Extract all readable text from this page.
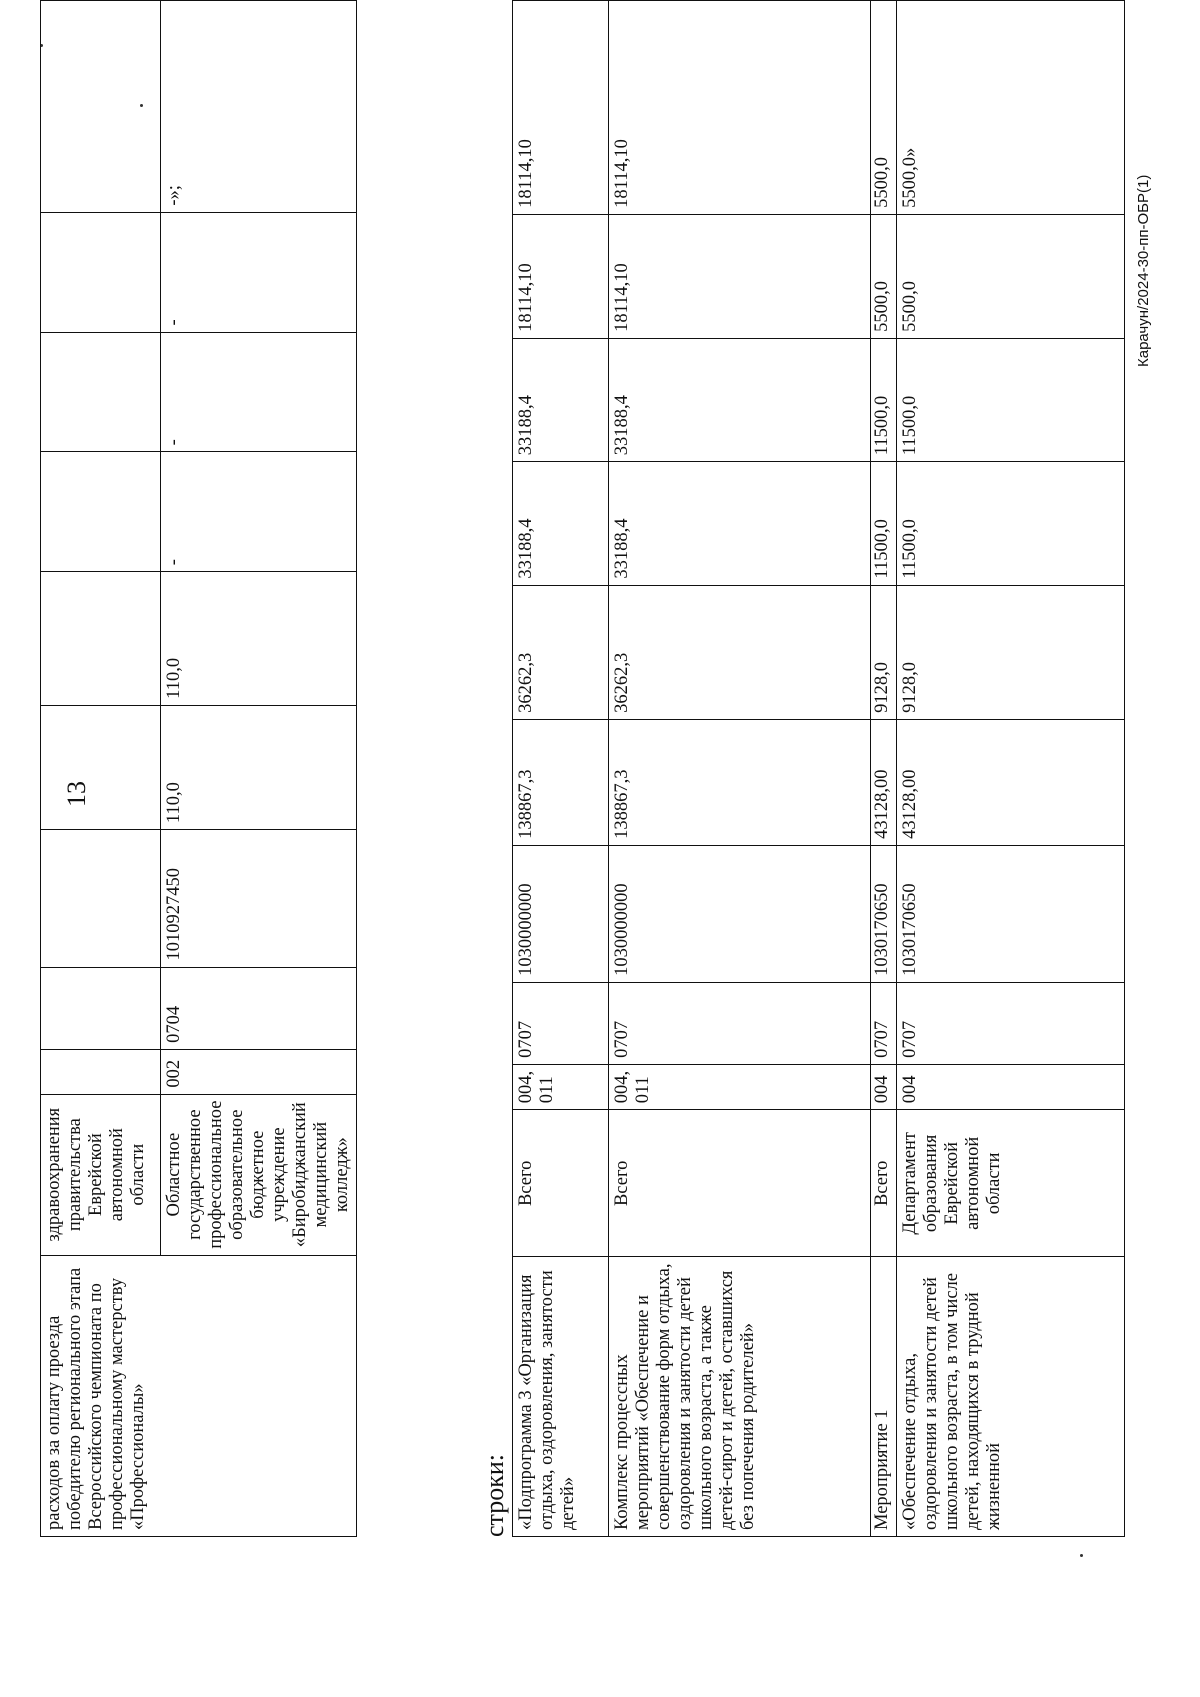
13
расходов за оплату проезда победителю регионального этапа Всероссийского чемпионата по профессиональному мастерству «Профессионалы»	здравоохранения правительства Еврейской автономной области									
	Областное государственное профессиональное образовательное бюджетное учреждение «Биробиджанский медицинский колледж»	002	0704	1010927450	110,0	110,0	-	-	-	-»;
строки: «Подпрограмма 3 «Организация отдыха, оздоровления, занятости детей»	Всего	004, 011	0707	1030000000	138867,3	36262,3	33188,4	33188,4	18114,10	18114,10
Комплекс процессных мероприятий «Обеспечение и совершенствование форм отдыха, оздоровления и занятости детей школьного возраста, а также детей-сирот и детей, оставшихся без попечения родителей»	Всего	004, 011	0707	1030000000	138867,3	36262,3	33188,4	33188,4	18114,10	18114,10
Мероприятие 1	Всего	004	0707	1030170650	43128,00	9128,0	11500,0	11500,0	5500,0	5500,0
«Обеспечение отдыха, оздоровления и занятости детей школьного возраста, в том числе детей, находящихся в трудной жизненной	Департамент образования Еврейской автономной области	004	0707	1030170650	43128,00	9128,0	11500,0	11500,0	5500,0	5500,0»	Карачун/2024-30-пп-ОБР(1)
